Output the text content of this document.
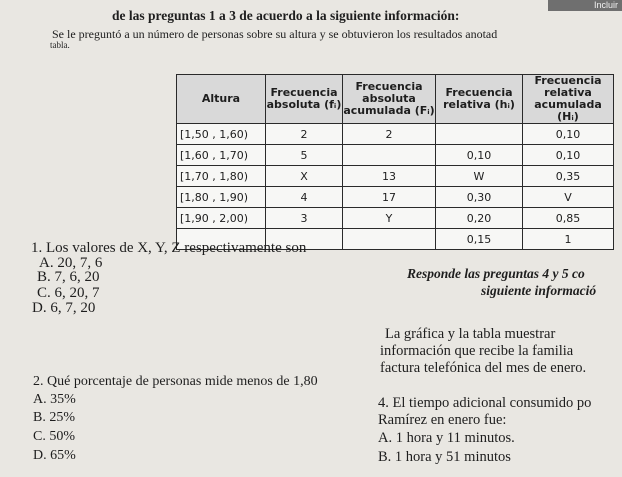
Incluir
de las preguntas 1 a 3 de acuerdo a la siguiente información:
Se le preguntó a un número de personas sobre su altura y se obtuvieron los resultados anotad
tabla.
Altura	Frecuencia absoluta (fᵢ)	Frecuencia absoluta acumulada (Fᵢ)	Frecuencia relativa (hᵢ)	Frecuencia relativa acumulada (Hᵢ)
[1,50 , 1,60)	2	2		0,10
[1,60 , 1,70)	5		0,10	0,10
[1,70 , 1,80)	X	13	W	0,35
[1,80 , 1,90)	4	17	0,30	V
[1,90 , 2,00)	3	Y	0,20	0,85
			0,15	1
1. Los valores de X, Y, Z respectivamente son
A. 20, 7, 6
B. 7, 6, 20
C. 6, 20, 7
D. 6, 7, 20
2. Qué porcentaje de personas mide menos de 1,80
A. 35%
B. 25%
C. 50%
D. 65%
Responde las preguntas 4 y 5 co
siguiente informació
La gráfica y la tabla muestrar
información que recibe la familia
factura telefónica del mes de enero.
4. El tiempo adicional consumido po
Ramírez en enero fue:
A. 1 hora y 11 minutos.
B. 1 hora y 51 minutos
